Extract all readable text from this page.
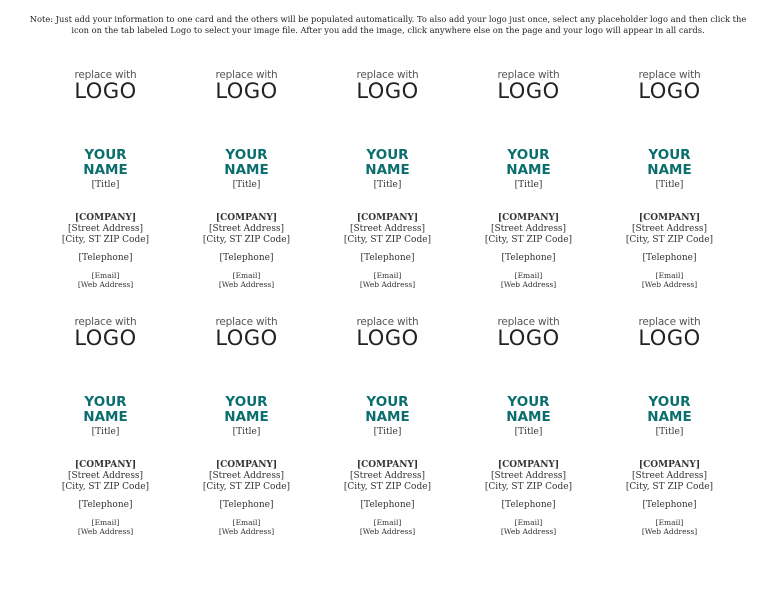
Note: Just add your information to one card and the others will be populated automatically. To also add your logo just once, select any placeholder logo and then click the icon on the tab labeled Logo to select your image file. After you add the image, click anywhere else on the page and your logo will appear in all cards.
replace with
LOGO
YOUR
NAME
[Title]
[COMPANY]
[Street Address]
[City, ST ZIP Code]
[Telephone]
[Email]
[Web Address]
replace with
LOGO
YOUR
NAME
[Title]
[COMPANY]
[Street Address]
[City, ST ZIP Code]
[Telephone]
[Email]
[Web Address]
replace with
LOGO
YOUR
NAME
[Title]
[COMPANY]
[Street Address]
[City, ST ZIP Code]
[Telephone]
[Email]
[Web Address]
replace with
LOGO
YOUR
NAME
[Title]
[COMPANY]
[Street Address]
[City, ST ZIP Code]
[Telephone]
[Email]
[Web Address]
replace with
LOGO
YOUR
NAME
[Title]
[COMPANY]
[Street Address]
[City, ST ZIP Code]
[Telephone]
[Email]
[Web Address]
replace with
LOGO
YOUR
NAME
[Title]
[COMPANY]
[Street Address]
[City, ST ZIP Code]
[Telephone]
[Email]
[Web Address]
replace with
LOGO
YOUR
NAME
[Title]
[COMPANY]
[Street Address]
[City, ST ZIP Code]
[Telephone]
[Email]
[Web Address]
replace with
LOGO
YOUR
NAME
[Title]
[COMPANY]
[Street Address]
[City, ST ZIP Code]
[Telephone]
[Email]
[Web Address]
replace with
LOGO
YOUR
NAME
[Title]
[COMPANY]
[Street Address]
[City, ST ZIP Code]
[Telephone]
[Email]
[Web Address]
replace with
LOGO
YOUR
NAME
[Title]
[COMPANY]
[Street Address]
[City, ST ZIP Code]
[Telephone]
[Email]
[Web Address]
